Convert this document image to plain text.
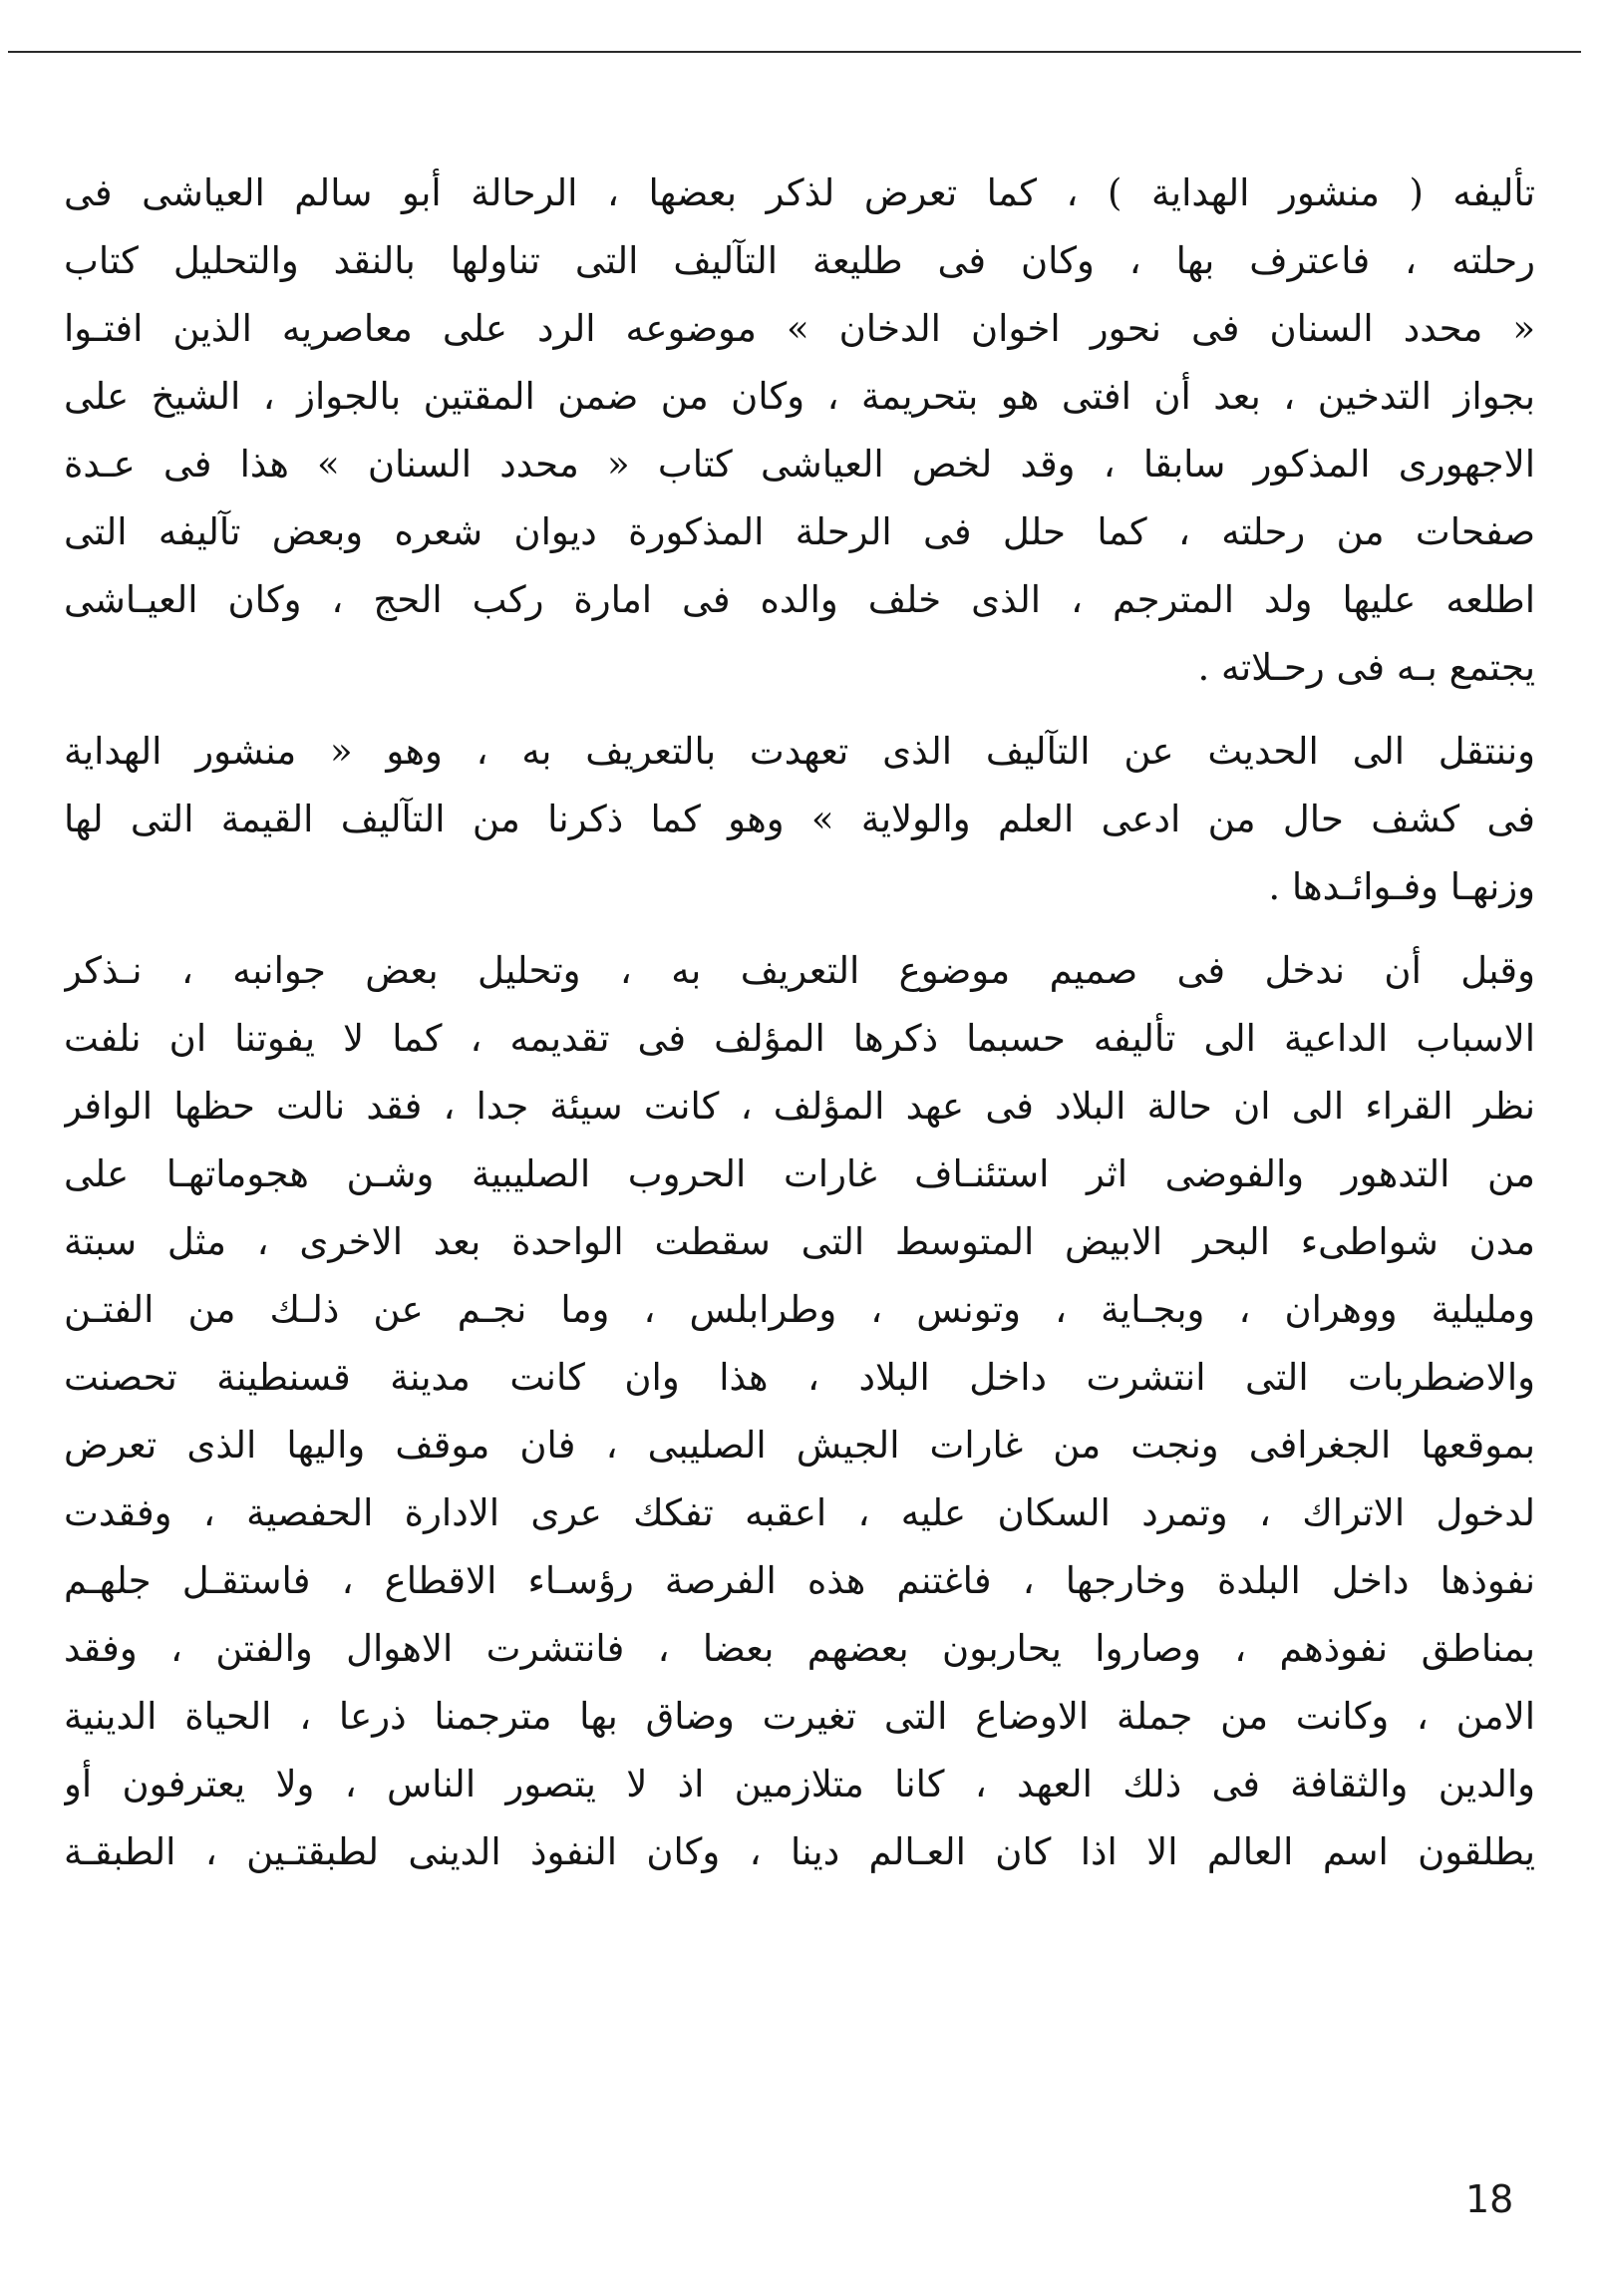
تأليفه ( منشور الهداية ) ، كما تعرض لذكر بعضها ، الرحالة أبو سالم العياشى فى
رحلته ، فاعترف بها ، وكان فى طليعة التآليف التى تناولها بالنقد والتحليل كتاب
« محدد السنان فى نحور اخوان الدخان » موضوعه الرد على معاصريه الذين افتـوا
بجواز التدخين ، بعد أن افتى هو بتحريمة ، وكان من ضمن المقتين بالجواز ، الشيخ على
الاجهورى المذكور سابقا ، وقد لخص العياشى كتاب « محدد السنان » هذا فى عـدة
صفحات من رحلته ، كما حلل فى الرحلة المذكورة ديوان شعره وبعض تآليفه التى
اطلعه عليها ولد المترجم ، الذى خلف والده فى امارة ركب الحج ، وكان العيـاشى
يجتمع بـه فى رحـلاته .
وننتقل الى الحديث عن التآليف الذى تعهدت بالتعريف به ، وهو « منشور الهداية
فى كشف حال من ادعى العلم والولاية » وهو كما ذكرنا من التآليف القيمة التى لها
وزنهـا وفـوائـدها .
وقبل أن ندخل فى صميم موضوع التعريف به ، وتحليل بعض جوانبه ، نـذكر
الاسباب الداعية الى تأليفه حسبما ذكرها المؤلف فى تقديمه ، كما لا يفوتنا ان نلفت
نظر القراء الى ان حالة البلاد فى عهد المؤلف ، كانت سيئة جدا ، فقد نالت حظها الوافر
من التدهور والفوضى اثر استئنـاف غارات الحروب الصليبية وشـن هجوماتهـا على
مدن شواطىء البحر الابيض المتوسط التى سقطت الواحدة بعد الاخرى ، مثل سبتة
ومليلية ووهران ، وبجـاية ، وتونس ، وطرابلس ، وما نجـم عن ذلـك من الفتـن
والاضطربات التى انتشرت داخل البلاد ، هذا وان كانت مدينة قسنطينة تحصنت
بموقعها الجغرافى ونجت من غارات الجيش الصليبى ، فان موقف واليها الذى تعرض
لدخول الاتراك ، وتمرد السكان عليه ، اعقبه تفكك عرى الادارة الحفصية ، وفقدت
نفوذها داخل البلدة وخارجها ، فاغتنم هذه الفرصة رؤسـاء الاقطاع ، فاستقـل جلهـم
بمناطق نفوذهم ، وصاروا يحاربون بعضهم بعضا ، فانتشرت الاهوال والفتن ، وفقد
الامن ، وكانت من جملة الاوضاع التى تغيرت وضاق بها مترجمنا ذرعا ، الحياة الدينية
والدين والثقافة فى ذلك العهد ، كانا متلازمين اذ لا يتصور الناس ، ولا يعترفون أو
يطلقون اسم العالم الا اذا كان العـالم دينا ، وكان النفوذ الدينى لطبقتـين ، الطبقـة
18
